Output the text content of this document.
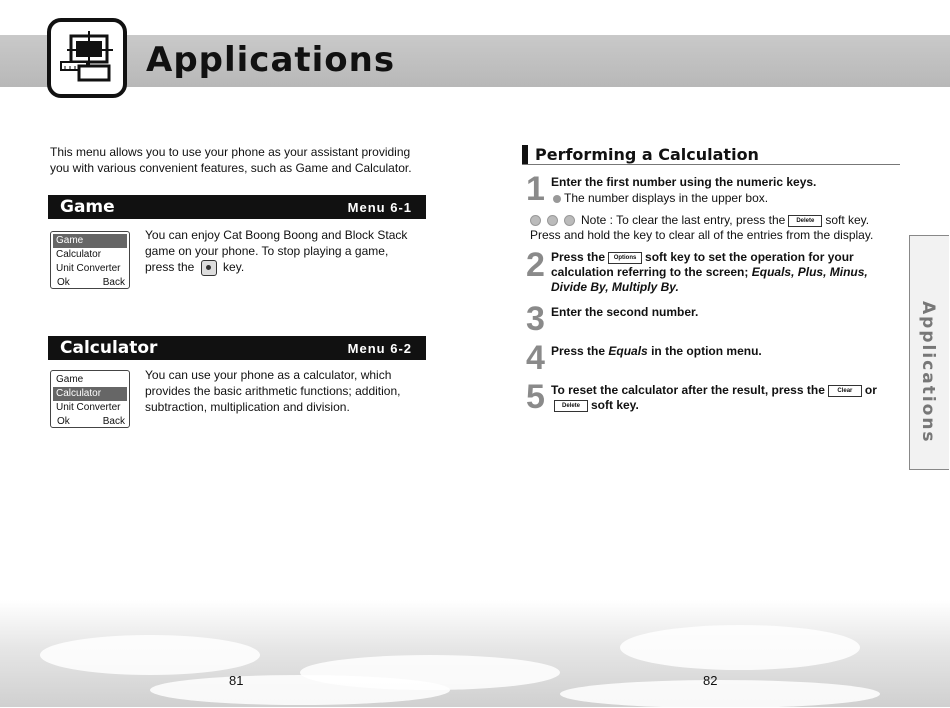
Applications
This menu allows you to use your phone as your assistant providing you with various convenient features, such as Game and Calculator.
Game	Menu 6-1
Game
Calculator
Unit Converter
Ok	Back
You can enjoy Cat Boong Boong and Block Stack game on your phone. To stop playing a game, press the key.
Calculator	Menu 6-2
Game
Calculator
Unit Converter
Ok	Back
You can use your phone as a calculator, which provides the basic arithmetic functions; addition, subtraction, multiplication and division.
Performing a Calculation
1 Enter the first number using the numeric keys.
The number displays in the upper box.
Note : To clear the last entry, press the Delete soft key. Press and hold the key to clear all of the entries from the display.
2 Press the Options soft key to set the operation for your calculation referring to the screen; Equals, Plus, Minus, Divide By, Multiply By.
3 Enter the second number.
4 Press the Equals in the option menu.
5 To reset the calculator after the result, press the Clear or
Delete soft key.	Applications
81	82
